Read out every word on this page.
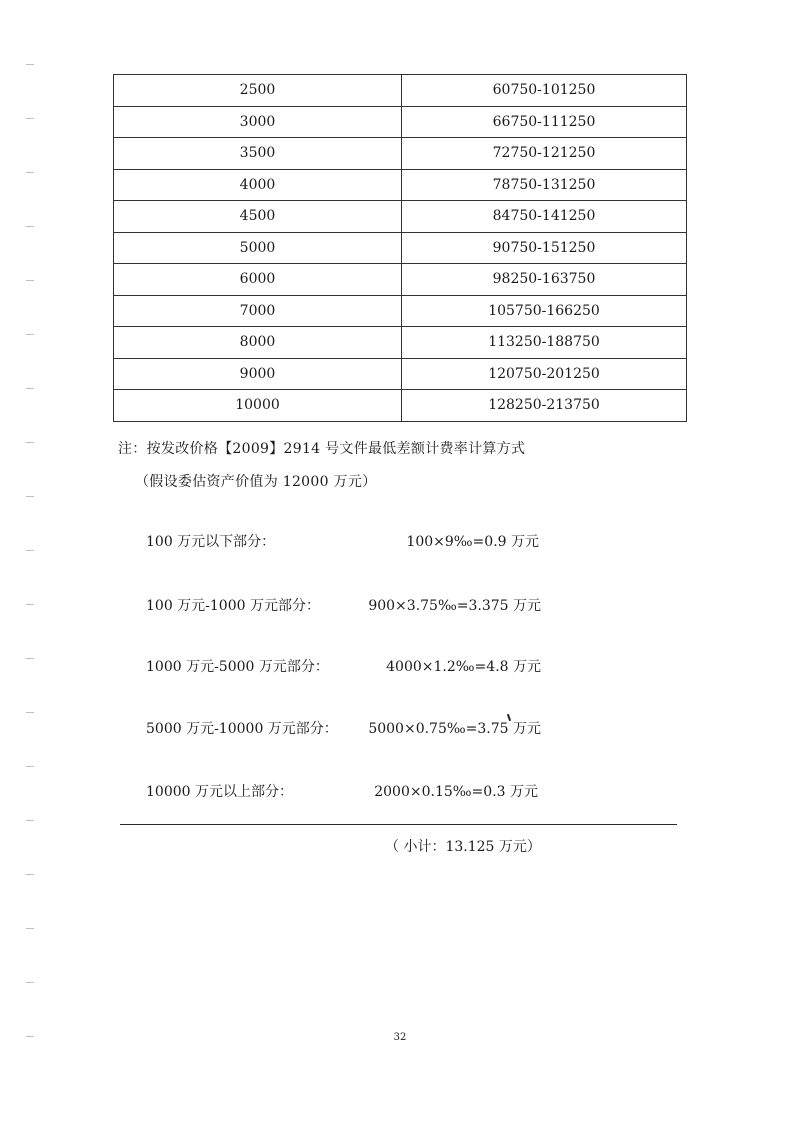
2500	60750-101250
3000	66750-111250
3500	72750-121250
4000	78750-131250
4500	84750-141250
5000	90750-151250
6000	98250-163750
7000	105750-166250
8000	113250-188750
9000	120750-201250
10000	128250-213750
注：按发改价格【2009】2914 号文件最低差额计费率计算方式
（假设委估资产价值为 12000 万元）
100 万元以下部分：	100×9‰=0.9 万元
100 万元-1000 万元部分：	900×3.75‰=3.375 万元
1000 万元-5000 万元部分：	4000×1.2‰=4.8 万元
5000 万元-10000 万元部分： 5000×0.75‰=3.75 万元
10000 万元以上部分：	2000×0.15‰=0.3 万元
（ 小计：13.125 万元）
32
